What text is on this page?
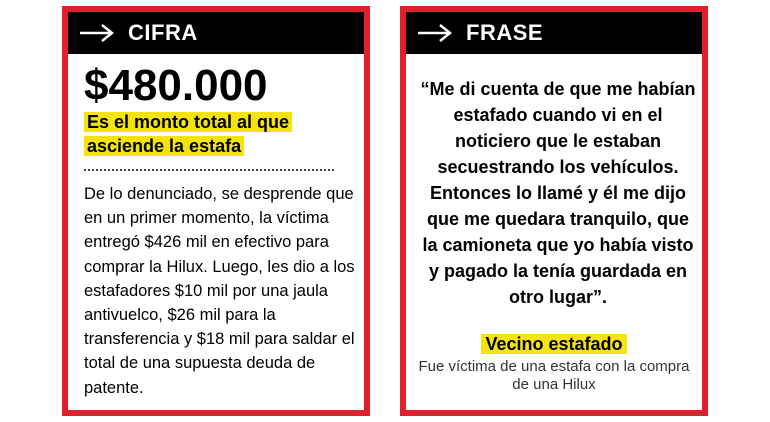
CIFRA
$480.000
Es el monto total al que asciende la estafa
De lo denunciado, se desprende que en un primer momento, la víctima entregó $426 mil en efectivo para comprar la Hilux. Luego, les dio a los estafadores $10 mil por una jaula antivuelco, $26 mil para la transferencia y $18 mil para saldar el total de una supuesta deuda de patente.
FRASE
“Me di cuenta de que me habían estafado cuando vi en el noticiero que le estaban secuestrando los vehículos. Entonces lo llamé y él me dijo que me quedara tranquilo, que la camioneta que yo había visto y pagado la tenía guardada en otro lugar”.
Vecino estafado
Fue víctima de una estafa con la compra de una Hilux
